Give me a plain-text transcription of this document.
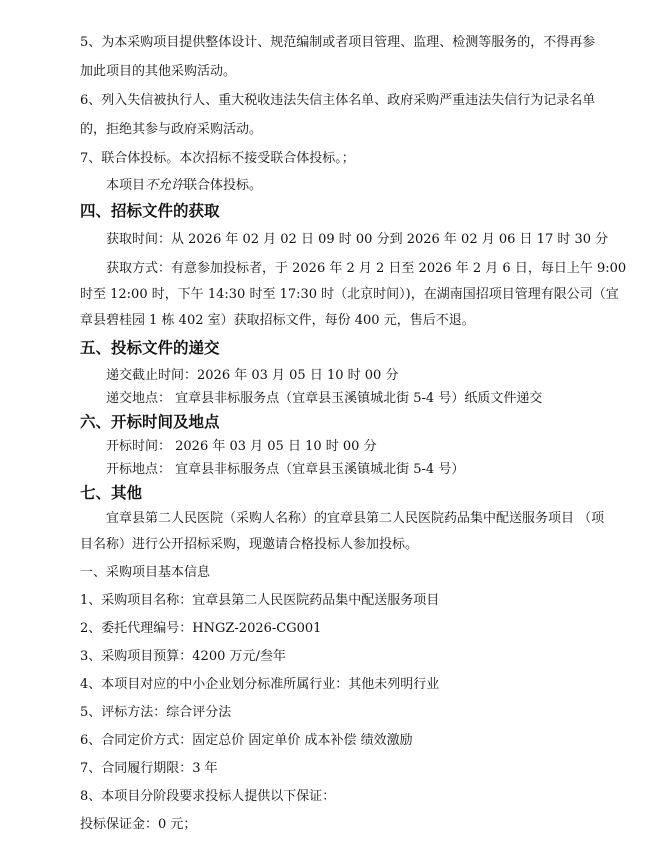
5、为本采购项目提供整体设计、规范编制或者项目管理、监理、检测等服务的，不得再参
加此项目的其他采购活动。
6、列入失信被执行人、重大税收违法失信主体名单、政府采购严重违法失信行为记录名单
的，拒绝其参与政府采购活动。
7、联合体投标。本次招标不接受联合体投标。；
本项目不允许联合体投标。
四、招标文件的获取
获取时间：从 2026 年 02 月 02 日 09 时 00 分到 2026 年 02 月 06 日 17 时 30 分
获取方式：有意参加投标者，于 2026 年 2 月 2 日至 2026 年 2 月 6 日，每日上午 9:00
时至 12:00 时，下午 14:30 时至 17:30 时（北京时间）)，在湖南国招项目管理有限公司（宜
章县碧桂园 1 栋 402 室）获取招标文件，每份 400 元，售后不退。
五、投标文件的递交
递交截止时间：2026 年 03 月 05 日 10 时 00 分
递交地点： 宜章县非标服务点（宜章县玉溪镇城北街 5-4 号）纸质文件递交
六、开标时间及地点
开标时间： 2026 年 03 月 05 日 10 时 00 分
开标地点： 宜章县非标服务点（宜章县玉溪镇城北街 5-4 号）
七、其他
宜章县第二人民医院（采购人名称）的宜章县第二人民医院药品集中配送服务项目 （项
目名称）进行公开招标采购，现邀请合格投标人参加投标。
一、采购项目基本信息
1、采购项目名称：宜章县第二人民医院药品集中配送服务项目
2、委托代理编号：HNGZ-2026-CG001
3、采购项目预算：4200 万元/叁年
4、本项目对应的中小企业划分标准所属行业：其他未列明行业
5、评标方法：综合评分法
6、合同定价方式：固定总价 固定单价 成本补偿 绩效激励
7、合同履行期限：3 年
8、本项目分阶段要求投标人提供以下保证：
投标保证金：0 元；
